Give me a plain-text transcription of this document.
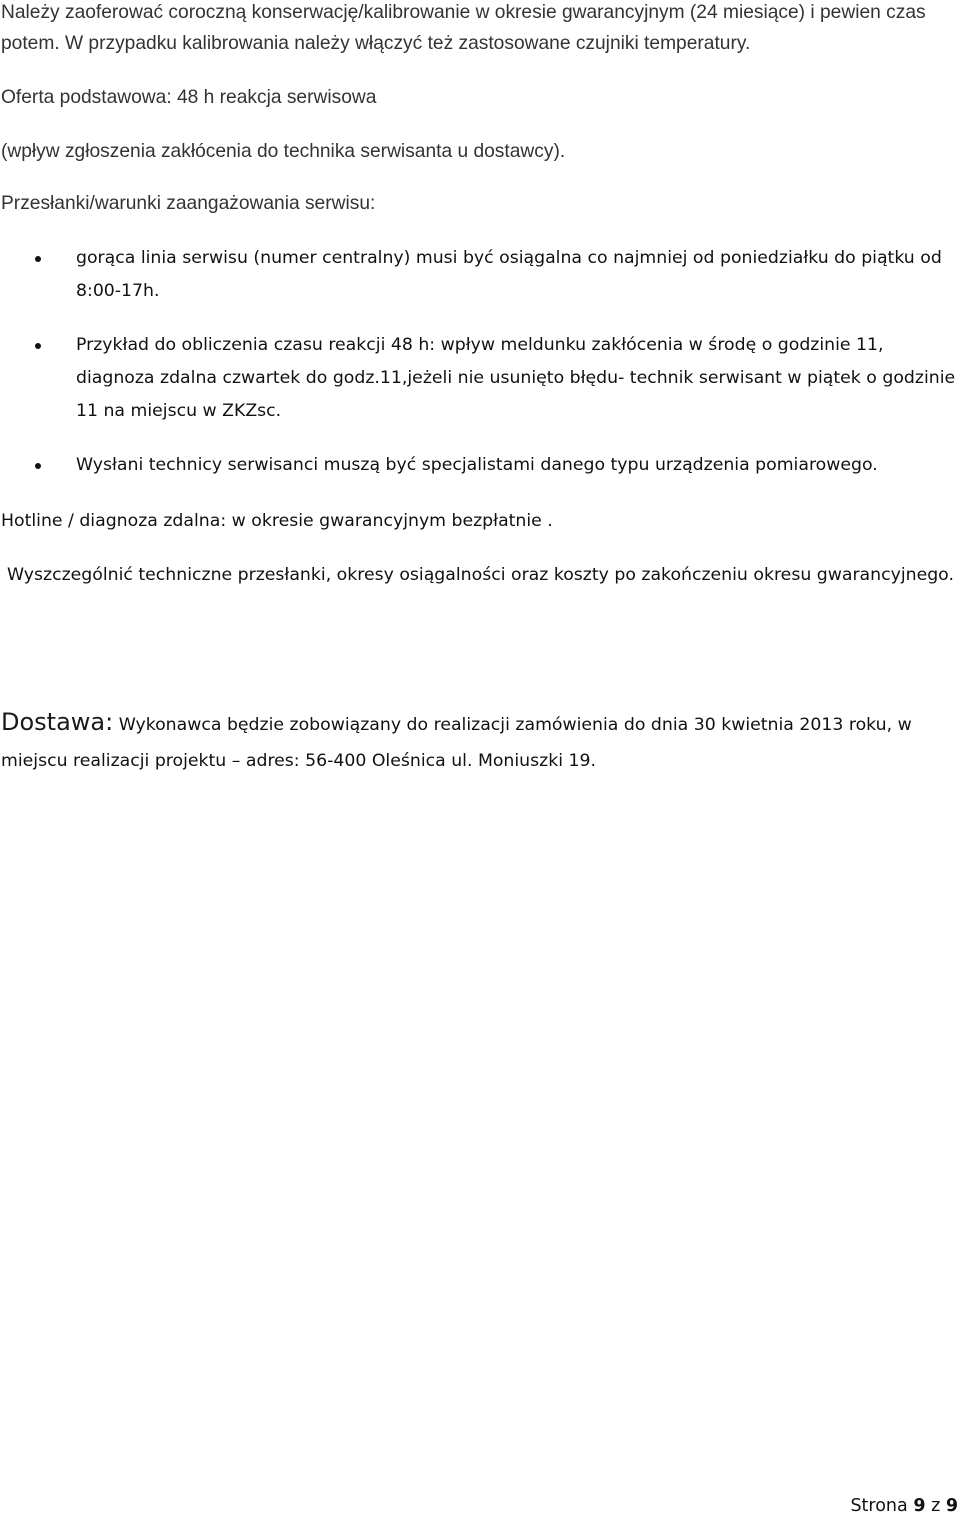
Należy zaoferować coroczną konserwację/kalibrowanie w okresie gwarancyjnym (24 miesiące) i pewien czas potem. W przypadku kalibrowania należy włączyć też zastosowane czujniki temperatury.

Oferta podstawowa: 48 h reakcja serwisowa

(wpływ zgłoszenia zakłócenia do technika serwisanta u dostawcy).

Przesłanki/warunki zaangażowania serwisu:

gorąca linia serwisu (numer centralny) musi być osiągalna co najmniej od poniedziałku do piątku od 8:00-17h.
Przykład do obliczenia czasu reakcji 48 h: wpływ meldunku zakłócenia w środę o godzinie 11, diagnoza zdalna czwartek do godz.11,jeżeli nie usunięto błędu- technik serwisant w piątek o godzinie 11 na miejscu w ZKZsc.
Wysłani technicy serwisanci muszą być specjalistami danego typu urządzenia pomiarowego.

Hotline / diagnoza zdalna: w okresie gwarancyjnym bezpłatnie .

Wyszczególnić techniczne przesłanki, okresy osiągalności oraz koszty po zakończeniu okresu gwarancyjnego.

Dostawa: Wykonawca będzie zobowiązany do realizacji zamówienia do dnia 30 kwietnia 2013 roku, w miejscu realizacji projektu – adres: 56-400 Oleśnica ul. Moniuszki 19.

Strona 9 z 9
